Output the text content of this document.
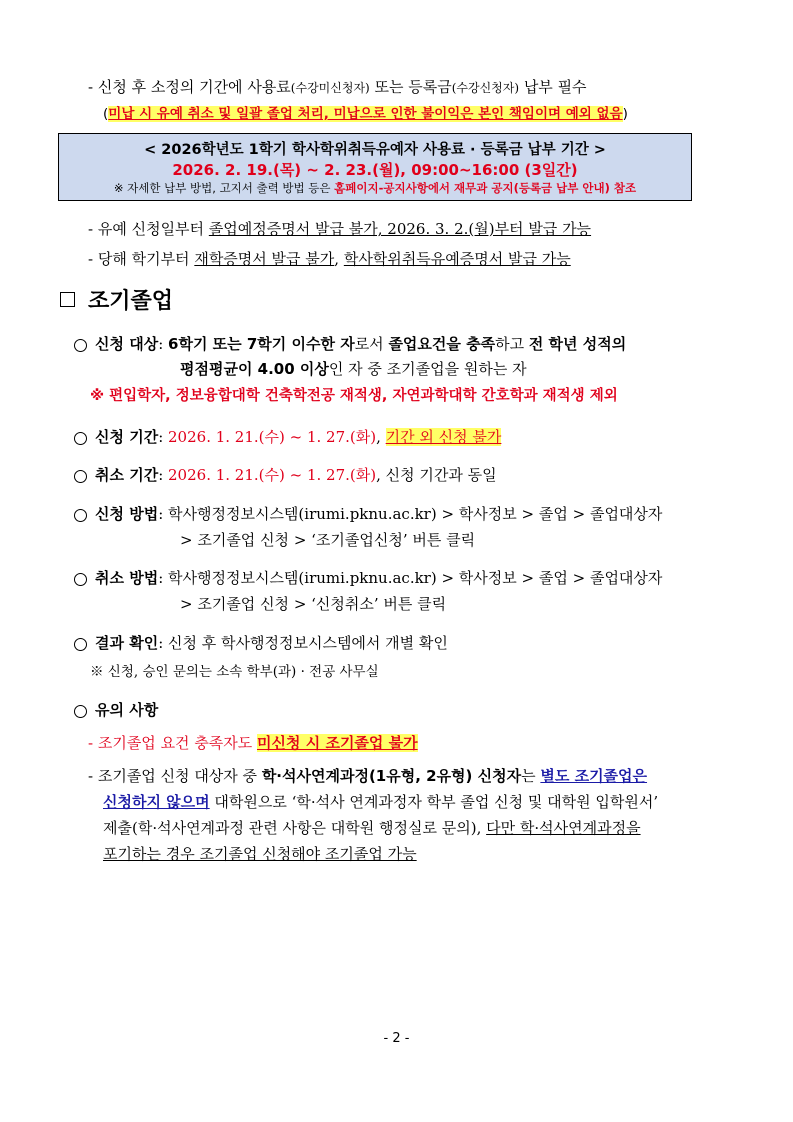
- 신청 후 소정의 기간에 사용료(수강미신청자) 또는 등록금(수강신청자) 납부 필수
(미납 시 유예 취소 및 일괄 졸업 처리, 미납으로 인한 불이익은 본인 책임이며 예외 없음)
< 2026학년도 1학기 학사학위취득유예자 사용료 · 등록금 납부 기간 >
2026. 2. 19.(목) ~ 2. 23.(월), 09:00~16:00 (3일간)
※ 자세한 납부 방법, 고지서 출력 방법 등은 홈페이지-공지사항에서 재무과 공지(등록금 납부 안내) 참조
- 유예 신청일부터 졸업예정증명서 발급 불가, 2026. 3. 2.(월)부터 발급 가능
- 당해 학기부터 재학증명서 발급 불가, 학사학위취득유예증명서 발급 가능
조기졸업
신청 대상: 6학기 또는 7학기 이수한 자로서 졸업요건을 충족하고 전 학년 성적의
평점평균이 4.00 이상인 자 중 조기졸업을 원하는 자
※ 편입학자, 정보융합대학 건축학전공 재적생, 자연과학대학 간호학과 재적생 제외
신청 기간: 2026. 1. 21.(수) ~ 1. 27.(화), 기간 외 신청 불가
취소 기간: 2026. 1. 21.(수) ~ 1. 27.(화), 신청 기간과 동일
신청 방법: 학사행정정보시스템(irumi.pknu.ac.kr) > 학사정보 > 졸업 > 졸업대상자
> 조기졸업 신청 > ‘조기졸업신청’ 버튼 클릭
취소 방법: 학사행정정보시스템(irumi.pknu.ac.kr) > 학사정보 > 졸업 > 졸업대상자
> 조기졸업 신청 > ‘신청취소’ 버튼 클릭
결과 확인: 신청 후 학사행정정보시스템에서 개별 확인
※ 신청, 승인 문의는 소속 학부(과) · 전공 사무실
유의 사항
- 조기졸업 요건 충족자도 미신청 시 조기졸업 불가
- 조기졸업 신청 대상자 중 학·석사연계과정(1유형, 2유형) 신청자는 별도 조기졸업은
신청하지 않으며 대학원으로 ‘학·석사 연계과정자 학부 졸업 신청 및 대학원 입학원서’
제출(학·석사연계과정 관련 사항은 대학원 행정실로 문의), 다만 학·석사연계과정을
포기하는 경우 조기졸업 신청해야 조기졸업 가능
- 2 -
